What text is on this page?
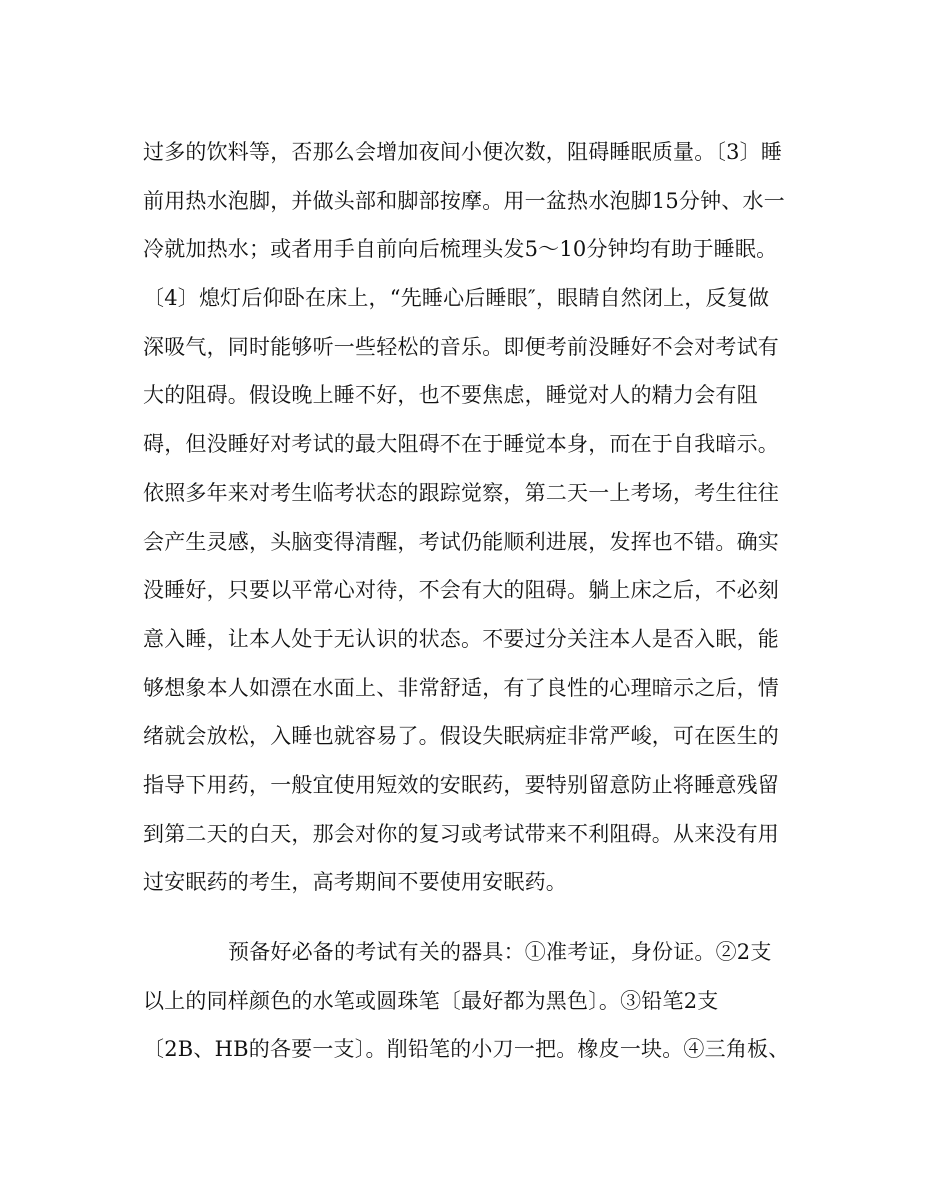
过多的饮料等，否那么会增加夜间小便次数，阻碍睡眠质量。〔3〕睡
前用热水泡脚，并做头部和脚部按摩。用一盆热水泡脚15分钟、水一
冷就加热水；或者用手自前向后梳理头发5～10分钟均有助于睡眠。
〔4〕熄灯后仰卧在床上，“先睡心后睡眼″，眼睛自然闭上，反复做
深吸气，同时能够听一些轻松的音乐。即便考前没睡好不会对考试有
大的阻碍。假设晚上睡不好，也不要焦虑，睡觉对人的精力会有阻
碍，但没睡好对考试的最大阻碍不在于睡觉本身，而在于自我暗示。
依照多年来对考生临考状态的跟踪觉察，第二天一上考场，考生往往
会产生灵感，头脑变得清醒，考试仍能顺利进展，发挥也不错。确实
没睡好，只要以平常心对待，不会有大的阻碍。躺上床之后，不必刻
意入睡，让本人处于无认识的状态。不要过分关注本人是否入眠，能
够想象本人如漂在水面上、非常舒适，有了良性的心理暗示之后，情
绪就会放松，入睡也就容易了。假设失眠病症非常严峻，可在医生的
指导下用药，一般宜使用短效的安眠药，要特别留意防止将睡意残留
到第二天的白天，那会对你的复习或考试带来不利阻碍。从来没有用
过安眠药的考生，高考期间不要使用安眠药。
预备好必备的考试有关的器具：①准考证，身份证。②2支
以上的同样颜色的水笔或圆珠笔〔最好都为黑色〕。③铅笔2支
〔2B、HB的各要一支〕。削铅笔的小刀一把。橡皮一块。④三角板、
